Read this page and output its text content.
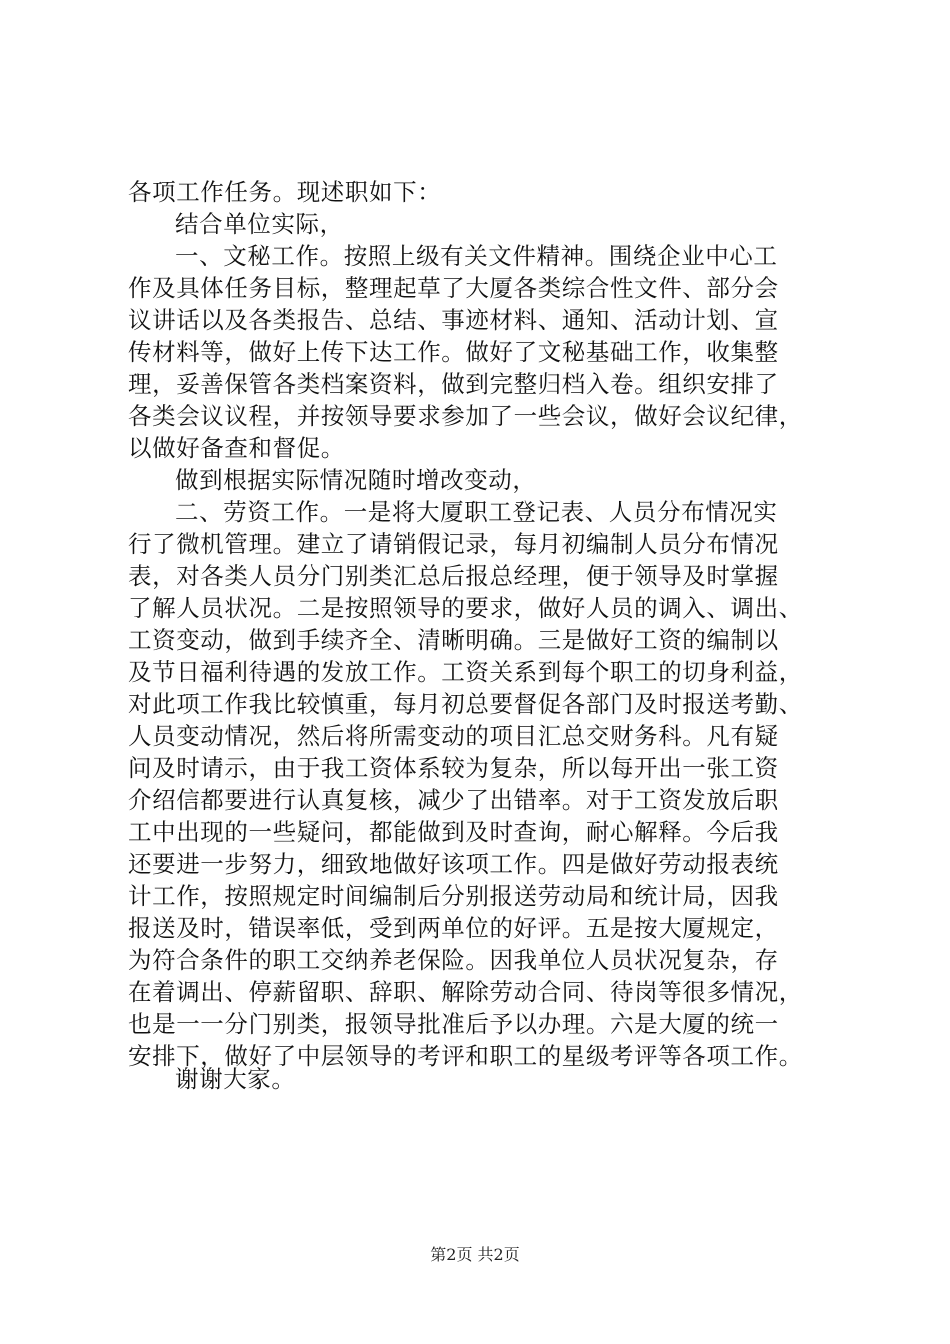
各项工作任务。现述职如下：
结合单位实际，
一、文秘工作。按照上级有关文件精神。围绕企业中心工
作及具体任务目标，整理起草了大厦各类综合性文件、部分会
议讲话以及各类报告、总结、事迹材料、通知、活动计划、宣
传材料等，做好上传下达工作。做好了文秘基础工作，收集整
理，妥善保管各类档案资料，做到完整归档入卷。组织安排了
各类会议议程，并按领导要求参加了一些会议，做好会议纪律，
以做好备查和督促。
做到根据实际情况随时增改变动，
二、劳资工作。一是将大厦职工登记表、人员分布情况实
行了微机管理。建立了请销假记录，每月初编制人员分布情况
表，对各类人员分门别类汇总后报总经理，便于领导及时掌握
了解人员状况。二是按照领导的要求，做好人员的调入、调出、
工资变动，做到手续齐全、清晰明确。三是做好工资的编制以
及节日福利待遇的发放工作。工资关系到每个职工的切身利益，
对此项工作我比较慎重，每月初总要督促各部门及时报送考勤、
人员变动情况，然后将所需变动的项目汇总交财务科。凡有疑
问及时请示，由于我工资体系较为复杂，所以每开出一张工资
介绍信都要进行认真复核，减少了出错率。对于工资发放后职
工中出现的一些疑问，都能做到及时查询，耐心解释。今后我
还要进一步努力，细致地做好该项工作。四是做好劳动报表统
计工作，按照规定时间编制后分别报送劳动局和统计局，因我
报送及时，错误率低，受到两单位的好评。五是按大厦规定，
为符合条件的职工交纳养老保险。因我单位人员状况复杂，存
在着调出、停薪留职、辞职、解除劳动合同、待岗等很多情况，
也是一一分门别类，报领导批准后予以办理。六是大厦的统一
安排下，做好了中层领导的考评和职工的星级考评等各项工作。
谢谢大家。
第2页 共2页
